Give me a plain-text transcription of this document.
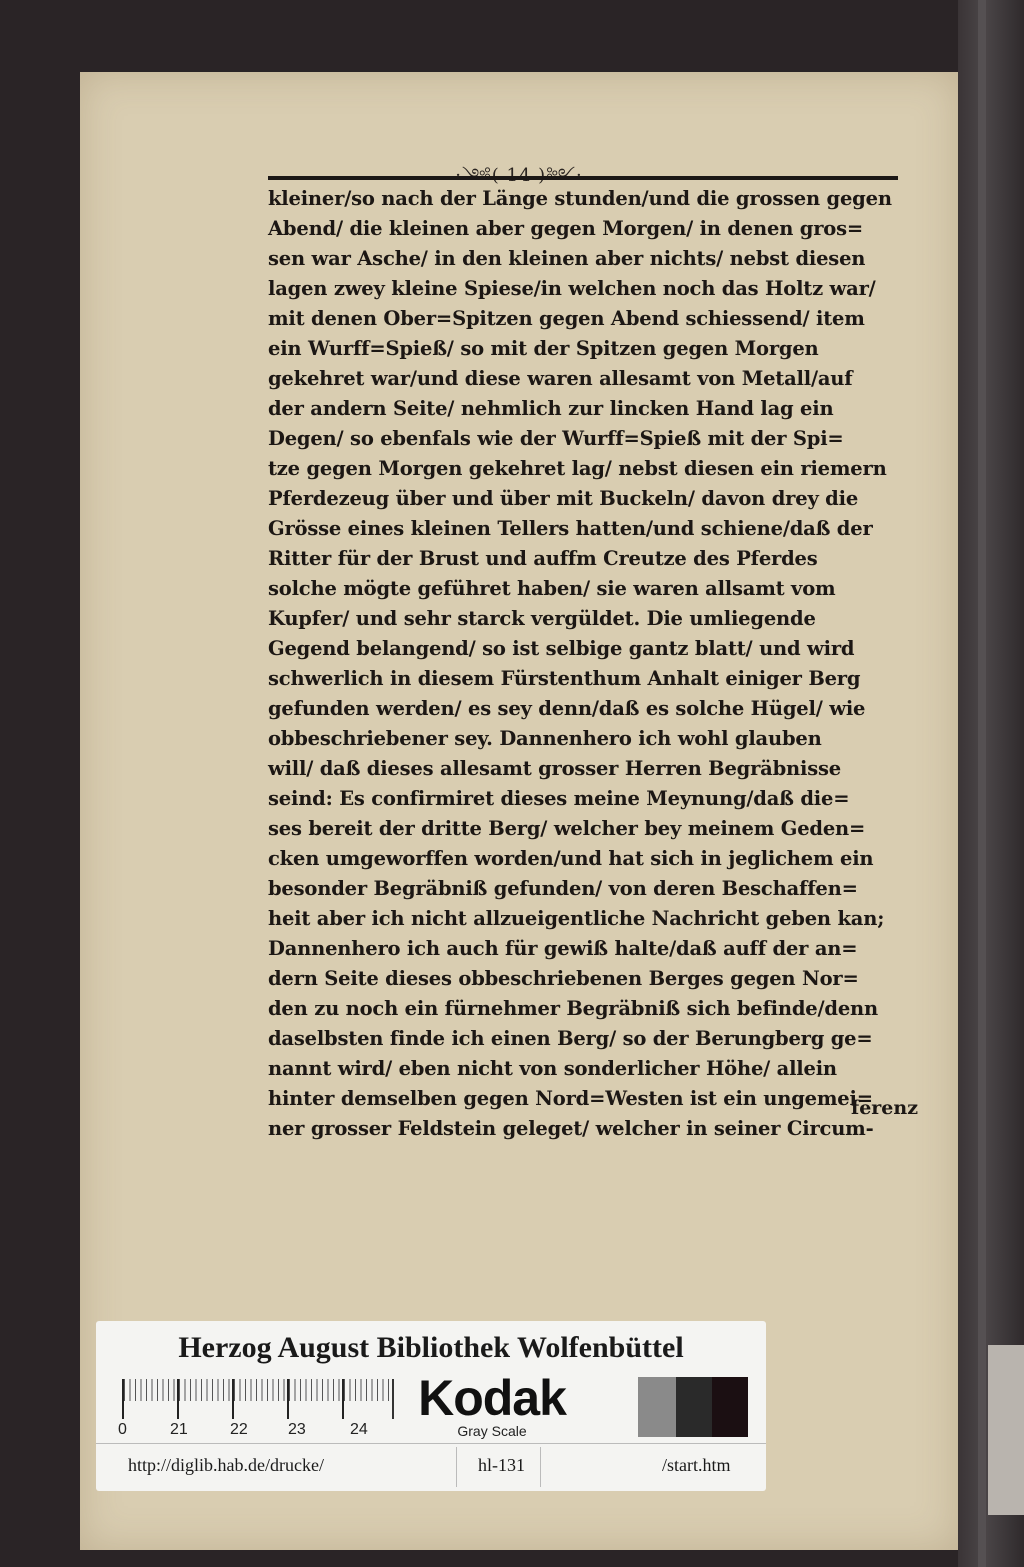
kleiner/so nach der Länge stunden/und die grossen gegen
Abend/ die kleinen aber gegen Morgen/ in denen gros=
sen war Asche/ in den kleinen aber nichts/ nebst diesen
lagen zwey kleine Spiese/in welchen noch das Holtz war/
mit denen Ober=Spitzen gegen Abend schiessend/ item
ein Wurff=Spieß/ so mit der Spitzen gegen Morgen
gekehret war/und diese waren allesamt von Metall/auf
der andern Seite/ nehmlich zur lincken Hand lag ein
Degen/ so ebenfals wie der Wurff=Spieß mit der Spi=
tze gegen Morgen gekehret lag/ nebst diesen ein riemern
Pferdezeug über und über mit Buckeln/ davon drey die
Grösse eines kleinen Tellers hatten/und schiene/daß der
Ritter für der Brust und auffm Creutze des Pferdes
solche mögte geführet haben/ sie waren allsamt vom
Kupfer/ und sehr starck vergüldet. Die umliegende
Gegend belangend/ so ist selbige gantz blatt/ und wird
schwerlich in diesem Fürstenthum Anhalt einiger Berg
gefunden werden/ es sey denn/daß es solche Hügel/ wie
obbeschriebener sey. Dannenhero ich wohl glauben
will/ daß dieses allesamt grosser Herren Begräbnisse
seind: Es confirmiret dieses meine Meynung/daß die=
ses bereit der dritte Berg/ welcher bey meinem Geden=
cken umgeworffen worden/und hat sich in jeglichem ein
besonder Begräbniß gefunden/ von deren Beschaffen=
heit aber ich nicht allzueigentliche Nachricht geben kan;
Dannenhero ich auch für gewiß halte/daß auff der an=
dern Seite dieses obbeschriebenen Berges gegen Nor=
den zu noch ein fürnehmer Begräbniß sich befinde/denn
daselbsten finde ich einen Berg/ so der Berungberg ge=
nannt wird/ eben nicht von sonderlicher Höhe/ allein
hinter demselben gegen Nord=Westen ist ein ungemei=
ner grosser Feldstein geleget/ welcher in seiner Circum-
ferenz
Herzog August Bibliothek Wolfenbüttel
0	21	22	23	24
Kodak
Gray Scale
http://diglib.hab.de/drucke/	hl-131	/start.htm
